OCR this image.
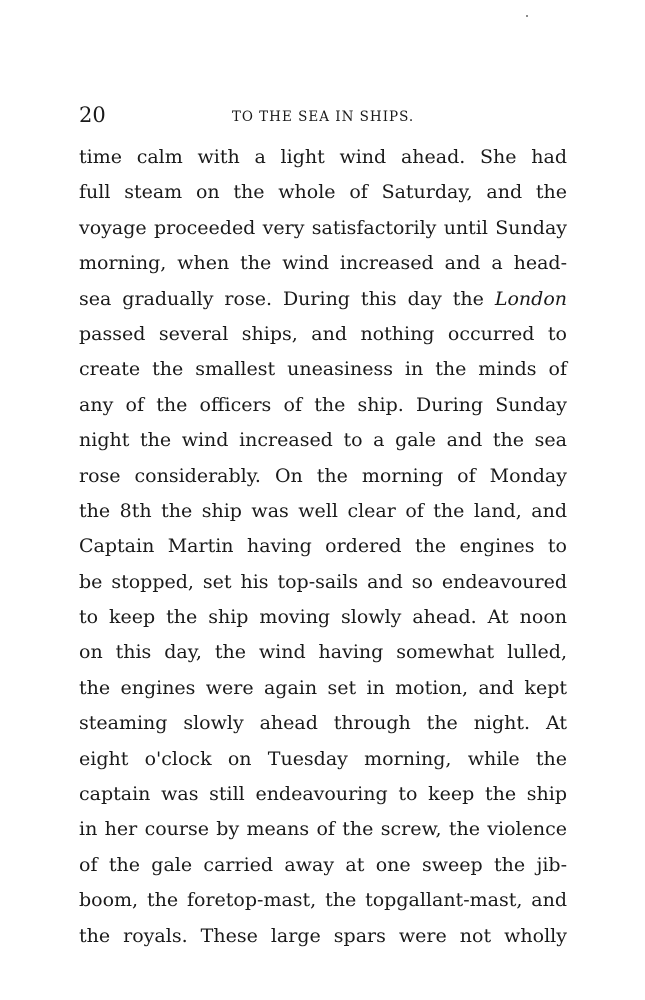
20	TO THE SEA IN SHIPS.
time calm with a light wind ahead. She had
full steam on the whole of Saturday, and the
voyage proceeded very satisfactorily until Sunday
morning, when the wind increased and a head-
sea gradually rose. During this day the London
passed several ships, and nothing occurred to
create the smallest uneasiness in the minds of
any of the officers of the ship. During Sunday
night the wind increased to a gale and the sea
rose considerably. On the morning of Monday
the 8th the ship was well clear of the land, and
Captain Martin having ordered the engines to
be stopped, set his top-sails and so endeavoured
to keep the ship moving slowly ahead. At noon
on this day, the wind having somewhat lulled,
the engines were again set in motion, and kept
steaming slowly ahead through the night. At
eight o'clock on Tuesday morning, while the
captain was still endeavouring to keep the ship
in her course by means of the screw, the violence
of the gale carried away at one sweep the jib-
boom, the foretop-mast, the topgallant-mast, and
the royals. These large spars were not wholly
